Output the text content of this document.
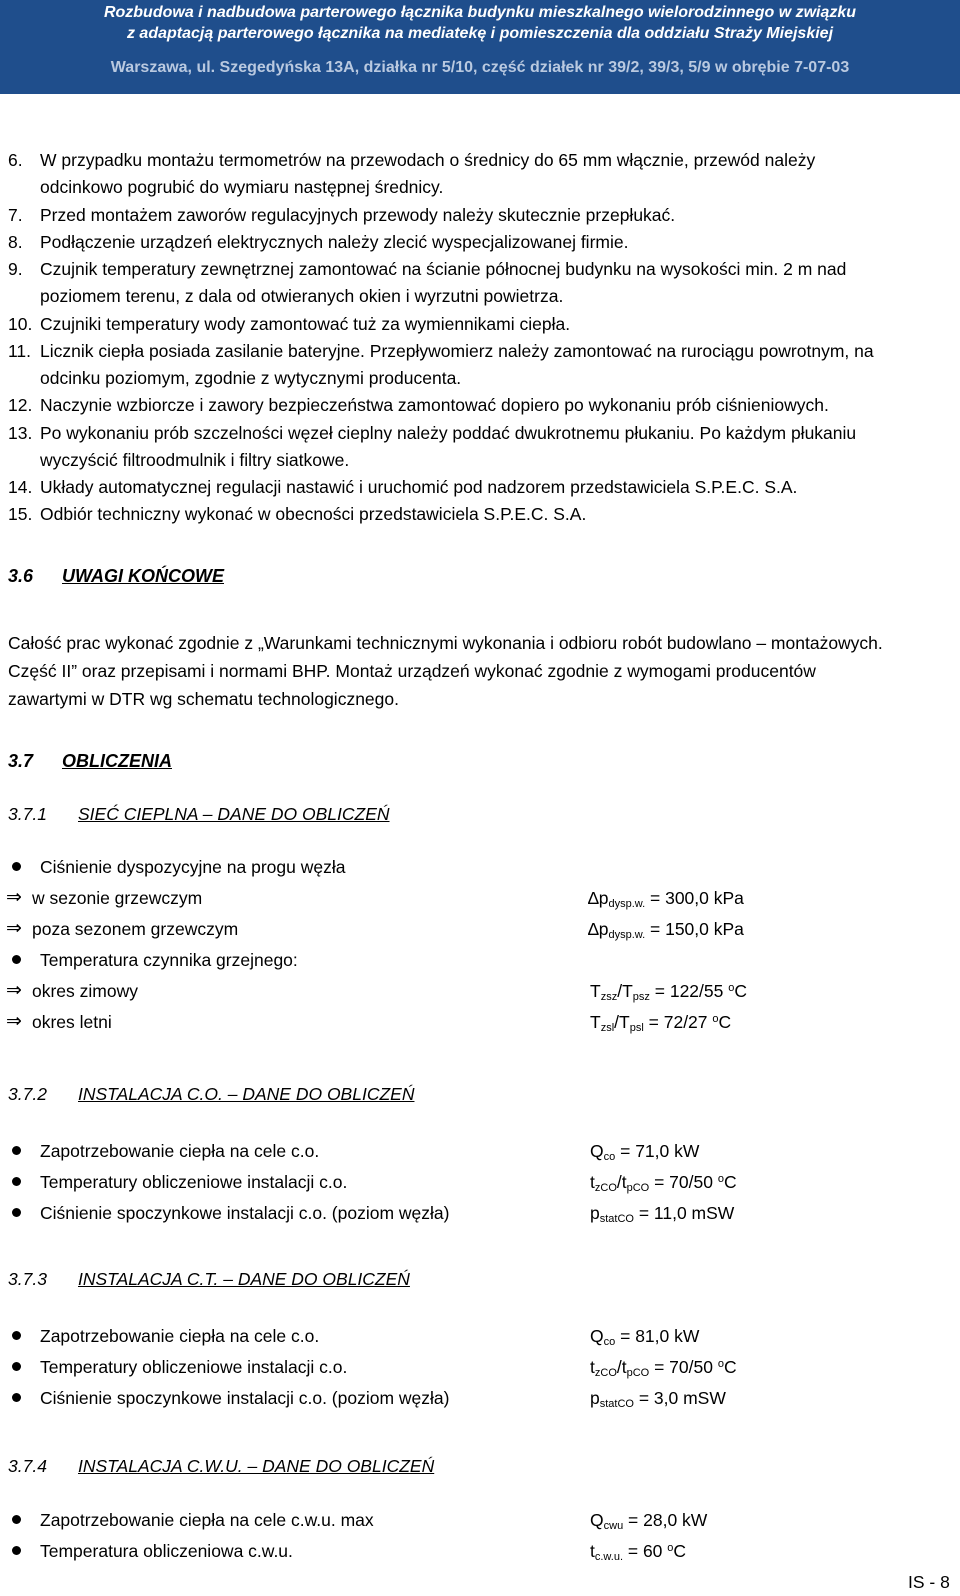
Rozbudowa i nadbudowa parterowego łącznika budynku mieszkalnego wielorodzinnego w związku
z adaptacją parterowego łącznika na mediatekę i pomieszczenia dla oddziału Straży Miejskiej
Warszawa, ul. Szegedyńska 13A, działka nr 5/10, część działek nr 39/2, 39/3, 5/9 w obrębie 7-07-03
6. W przypadku montażu termometrów na przewodach o średnicy do 65 mm włącznie, przewód należy
odcinkowo pogrubić do wymiaru następnej średnicy.
7. Przed montażem zaworów regulacyjnych przewody należy skutecznie przepłukać.
8. Podłączenie urządzeń elektrycznych należy zlecić wyspecjalizowanej firmie.
9. Czujnik temperatury zewnętrznej zamontować na ścianie północnej budynku na wysokości min. 2 m nad
poziomem terenu, z dala od otwieranych okien i wyrzutni powietrza.
10. Czujniki temperatury wody zamontować tuż za wymiennikami ciepła.
11. Licznik ciepła posiada zasilanie bateryjne. Przepływomierz należy zamontować na rurociągu powrotnym, na
odcinku poziomym, zgodnie z wytycznymi producenta.
12. Naczynie wzbiorcze i zawory bezpieczeństwa zamontować dopiero po wykonaniu prób ciśnieniowych.
13. Po wykonaniu prób szczelności węzeł cieplny należy poddać dwukrotnemu płukaniu. Po każdym płukaniu
wyczyścić filtroodmulnik i filtry siatkowe.
14. Układy automatycznej regulacji nastawić i uruchomić pod nadzorem przedstawiciela S.P.E.C. S.A.
15. Odbiór techniczny wykonać w obecności przedstawiciela S.P.E.C. S.A.
3.6 UWAGI KOŃCOWE
Całość prac wykonać zgodnie z „Warunkami technicznymi wykonania i odbioru robót budowlano – montażowych.
Część II” oraz przepisami i normami BHP. Montaż urządzeń wykonać zgodnie z wymogami producentów
zawartymi w DTR wg schematu technologicznego.
3.7 OBLICZENIA
3.7.1 SIEĆ CIEPLNA – DANE DO OBLICZEŃ
Ciśnienie dyspozycyjne na progu węzła
⇒ w sezonie grzewczym	$\Delta p_{dysp.w.} = 300,0$ kPa
⇒ poza sezonem grzewczym	$\Delta p_{dysp.w.} = 150,0$ kPa
Temperatura czynnika grzejnego:
⇒ okres zimowy	$T_{zsz}/T_{psz} = 122/55$ $^o$C
⇒ okres letni	$T_{zsl}/T_{psl} = 72/27$ $^o$C
3.7.2 INSTALACJA C.O. – DANE DO OBLICZEŃ
Zapotrzebowanie ciepła na cele c.o.	$Q_{co} = 71,0$ kW
Temperatury obliczeniowe instalacji c.o.	$t_{zCO}/t_{pCO} = 70/50$ $^o$C
Ciśnienie spoczynkowe instalacji c.o. (poziom węzła)	$p_{statCO} = 11,0$ mSW
3.7.3 INSTALACJA C.T. – DANE DO OBLICZEŃ
Zapotrzebowanie ciepła na cele c.o.	$Q_{co} = 81,0$ kW
Temperatury obliczeniowe instalacji c.o.	$t_{zCO}/t_{pCO} = 70/50$ $^o$C
Ciśnienie spoczynkowe instalacji c.o. (poziom węzła)	$p_{statCO} = 3,0$ mSW
3.7.4 INSTALACJA C.W.U. – DANE DO OBLICZEŃ
Zapotrzebowanie ciepła na cele c.w.u. max	$Q_{cwu} = 28,0$ kW
Temperatura obliczeniowa c.w.u.	$t_{c.w.u.} = 60$ $^o$C
IS - 8
